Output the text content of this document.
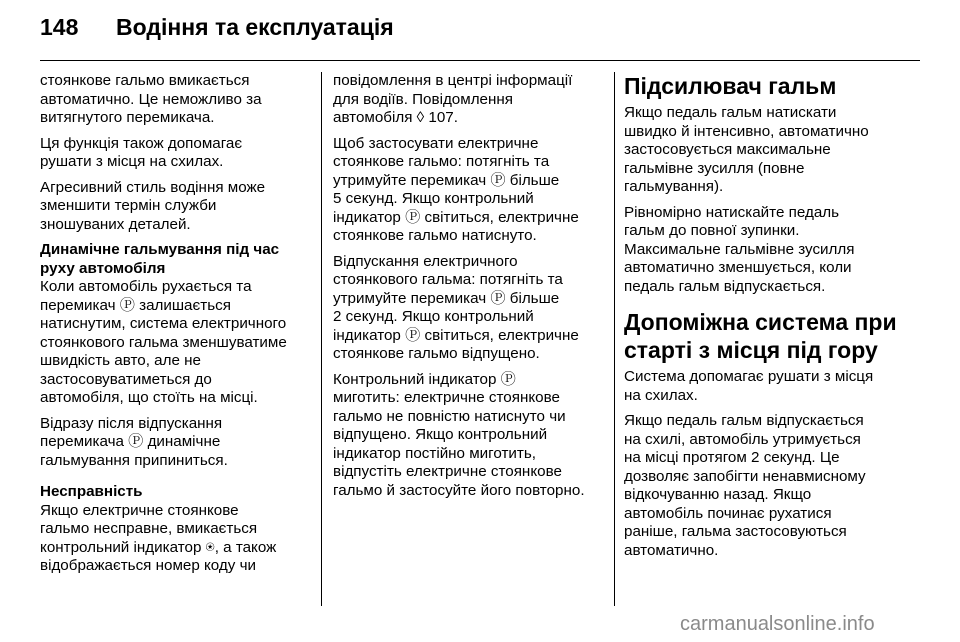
148 Водіння та експлуатація

стоянкове гальмо вмикається
автоматично. Це неможливо за
витягнутого перемикача.

Ця функція також допомагає
рушати з місця на схилах.

Агресивний стиль водіння може
зменшити термін служби
зношуваних деталей.

Динамічне гальмування під час
руху автомобіля

Коли автомобіль рухається та
перемикач Ⓟ залишається
натиснутим, система електричного
стоянкового гальма зменшуватиме
швидкість авто, але не
застосовуватиметься до
автомобіля, що стоїть на місці.

Відразу після відпускання
перемикача Ⓟ динамічне
гальмування припиниться.

Несправність

Якщо електричне стоянкове
гальмо несправне, вмикається
контрольний індикатор ⍟, а також
відображається номер коду чи

повідомлення в центрі інформації
для водіїв. Повідомлення
автомобіля ◊ 107.

Щоб застосувати електричне
стоянкове гальмо: потягніть та
утримуйте перемикач Ⓟ більше
5 секунд. Якщо контрольний
індикатор Ⓟ світиться, електричне
стоянкове гальмо натиснуто.

Відпускання електричного
стоянкового гальма: потягніть та
утримуйте перемикач Ⓟ більше
2 секунд. Якщо контрольний
індикатор Ⓟ світиться, електричне
стоянкове гальмо відпущено.

Контрольний індикатор Ⓟ
миготить: електричне стоянкове
гальмо не повністю натиснуто чи
відпущено. Якщо контрольний
індикатор постійно миготить,
відпустіть електричне стоянкове
гальмо й застосуйте його повторно.

Підсилювач гальм

Якщо педаль гальм натискати
швидко й інтенсивно, автоматично
застосовується максимальне
гальмівне зусилля (повне
гальмування).

Рівномірно натискайте педаль
гальм до повної зупинки.
Максимальне гальмівне зусилля
автоматично зменшується, коли
педаль гальм відпускається.

Допоміжна система при
старті з місця під гору

Система допомагає рушати з місця
на схилах.

Якщо педаль гальм відпускається
на схилі, автомобіль утримується
на місці протягом 2 секунд. Це
дозволяє запобігти ненавмисному
відкочуванню назад. Якщо
автомобіль починає рухатися
раніше, гальма застосовуються
автоматично.

carmanualsonline.info
